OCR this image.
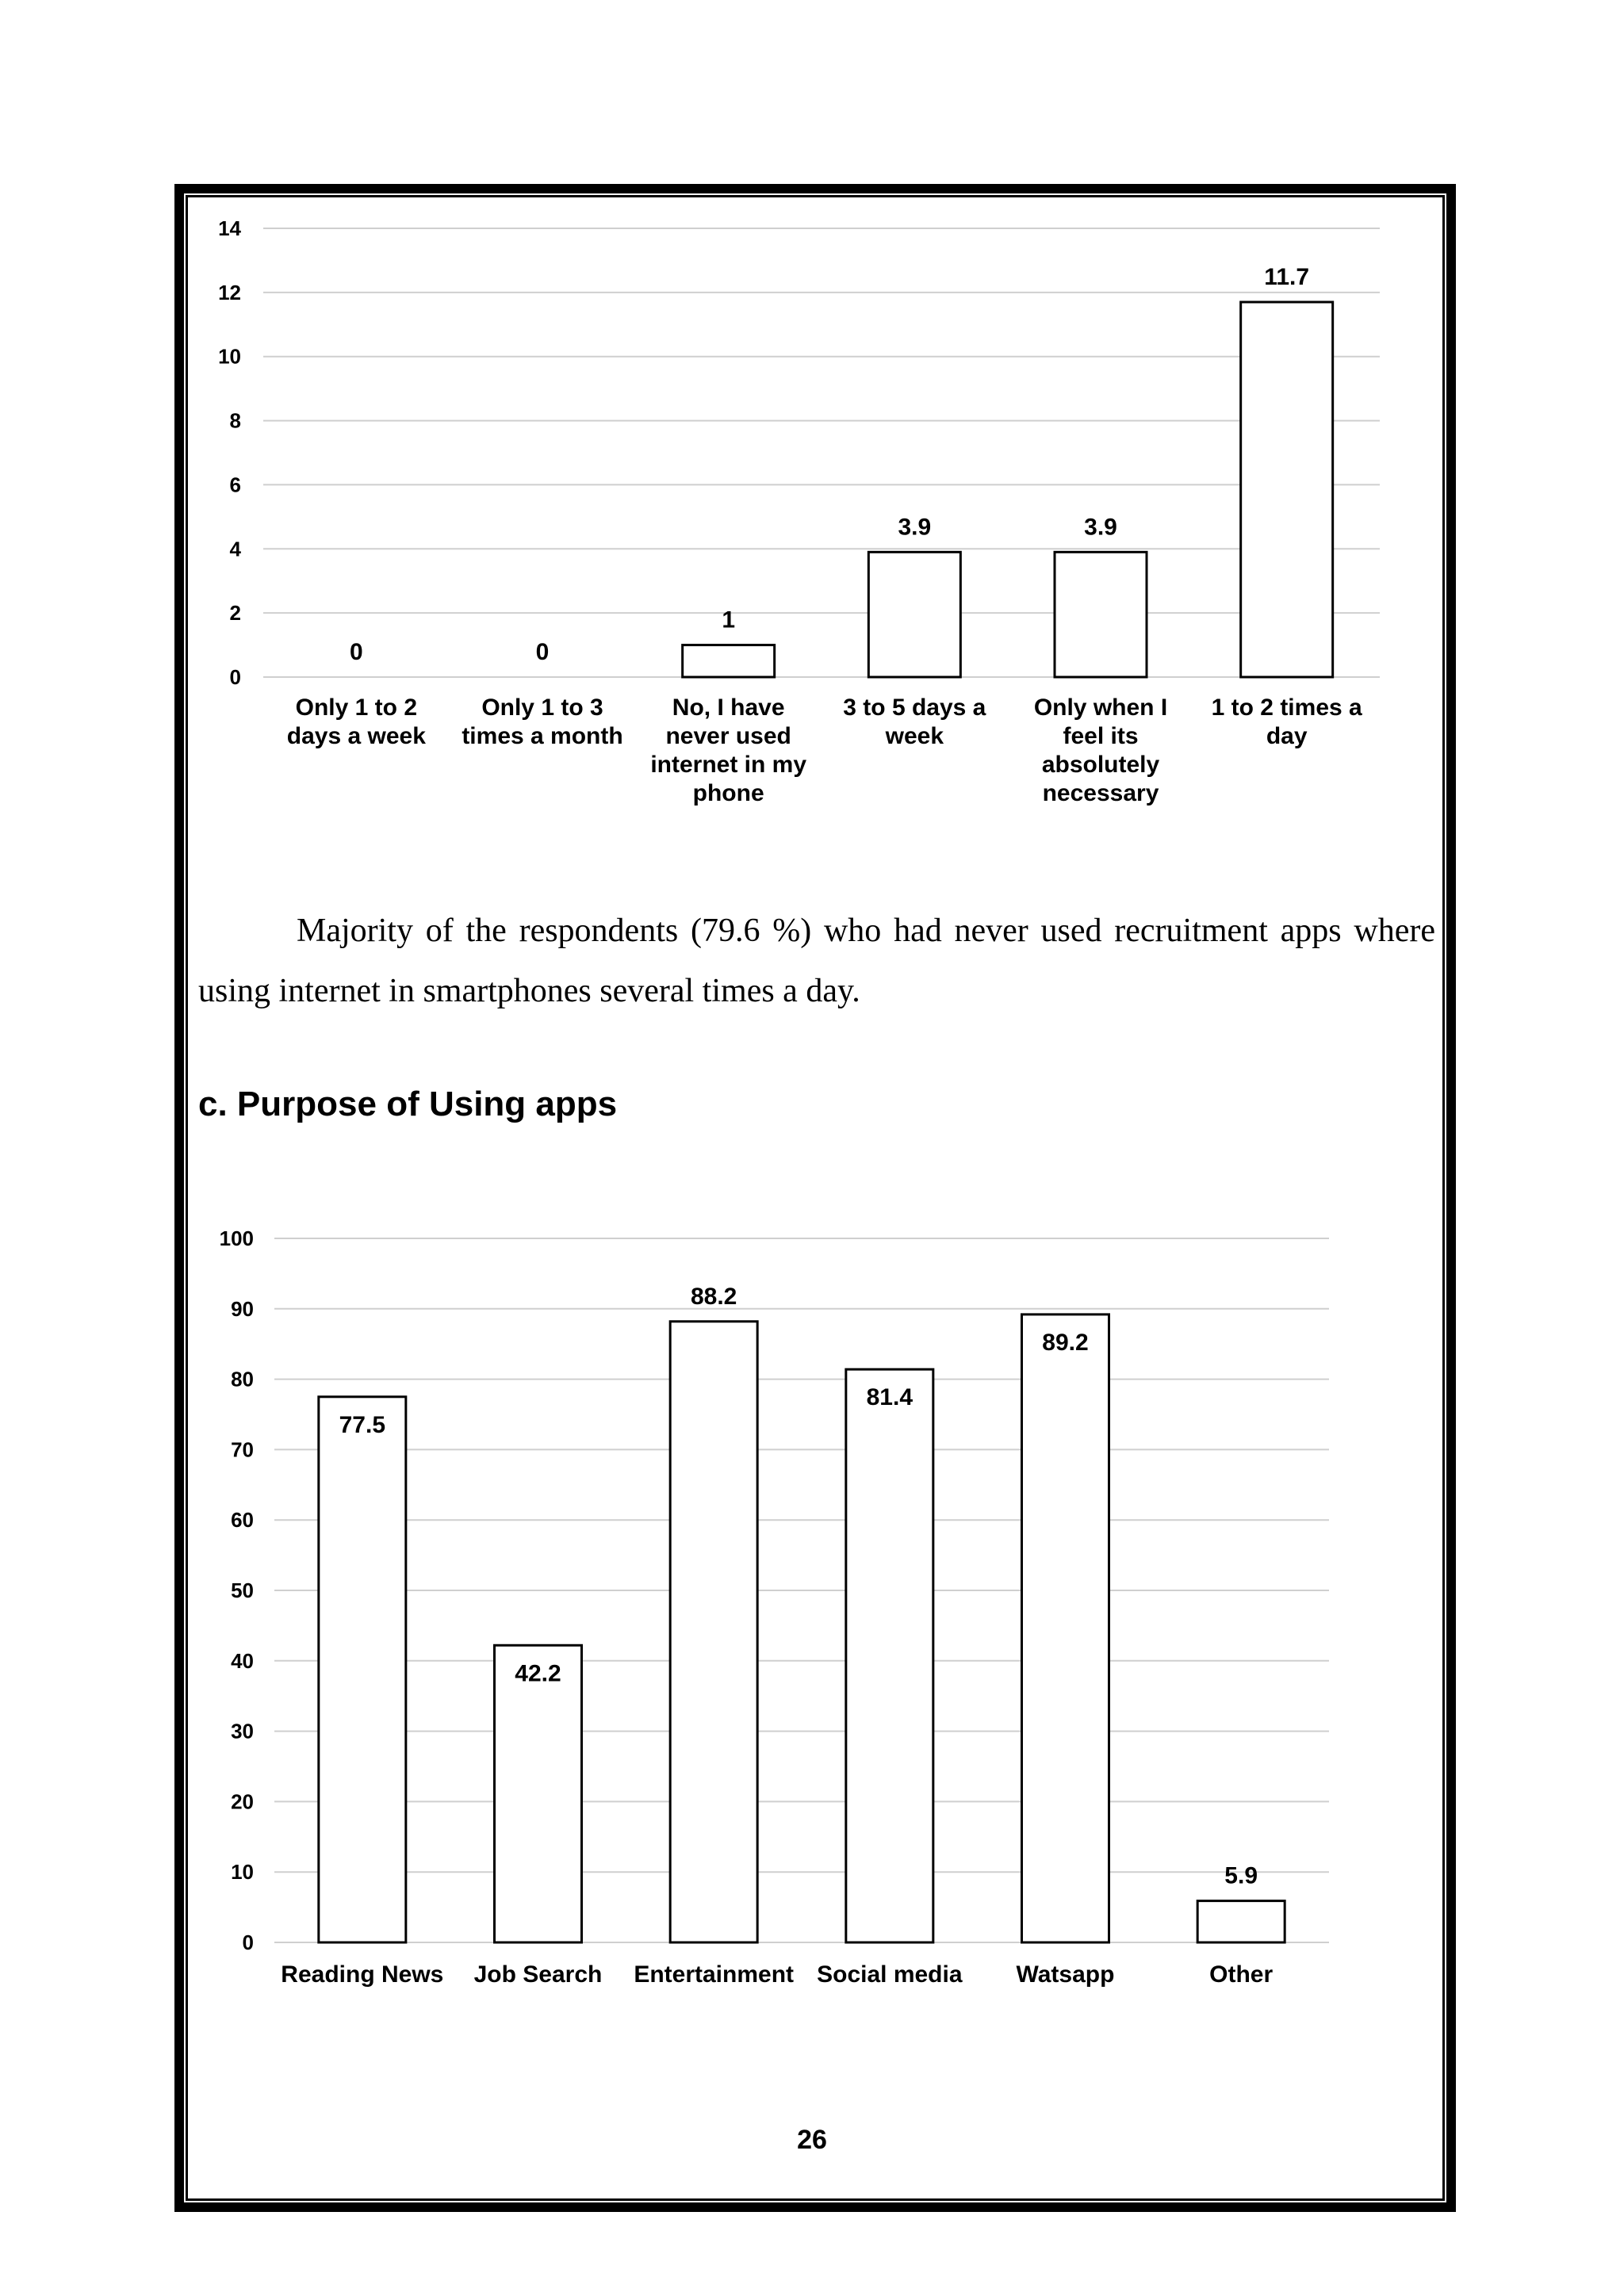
0
2
4
6
8
10
12
14
0
Only 1 to 2
days a week
0
Only 1 to 3
times a month
1
No, I have
never used
internet in my
phone
3.9
3 to 5 days a
week
3.9
Only when I
feel its
absolutely
necessary
11.7
1 to 2 times a
day

Majority of the respondents (79.6 %) who had never used recruitment apps where using internet in smartphones several times a day.

c. Purpose of Using apps
0
10
20
30
40
50
60
70
80
90
100
77.5
Reading News
42.2
Job Search
88.2
Entertainment
81.4
Social media
89.2
Watsapp
5.9
Other
26
